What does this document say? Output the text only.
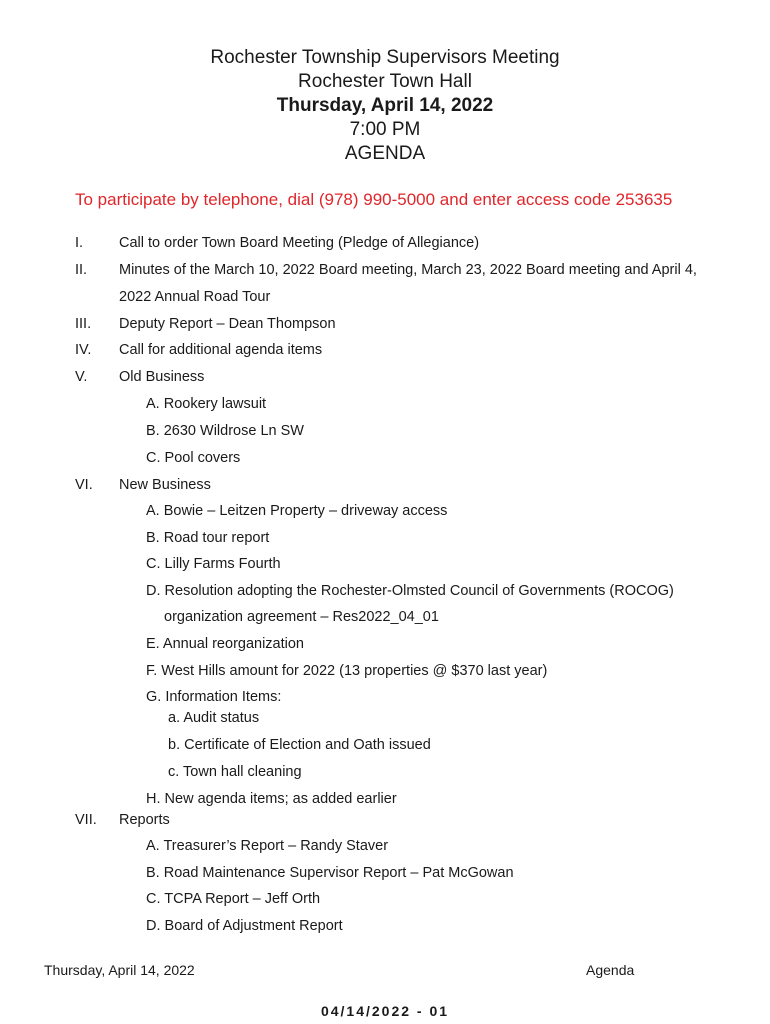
Rochester Township Supervisors Meeting
Rochester Town Hall
Thursday, April 14, 2022
7:00 PM
AGENDA
To participate by telephone, dial (978) 990-5000 and enter access code 253635
I. Call to order Town Board Meeting (Pledge of Allegiance)
II. Minutes of the March 10, 2022 Board meeting, March 23, 2022 Board meeting and April 4,
2022 Annual Road Tour
III. Deputy Report – Dean Thompson
IV. Call for additional agenda items
V. Old Business
A. Rookery lawsuit
B. 2630 Wildrose Ln SW
C. Pool covers
VI. New Business
A. Bowie – Leitzen Property – driveway access
B. Road tour report
C. Lilly Farms Fourth
D. Resolution adopting the Rochester-Olmsted Council of Governments (ROCOG)
organization agreement – Res2022_04_01
E. Annual reorganization
F. West Hills amount for 2022 (13 properties @ $370 last year)
G. Information Items:
a. Audit status
b. Certificate of Election and Oath issued
c. Town hall cleaning
H. New agenda items; as added earlier
VII. Reports
A. Treasurer’s Report – Randy Staver
B. Road Maintenance Supervisor Report – Pat McGowan
C. TCPA Report – Jeff Orth
D. Board of Adjustment Report
Thursday, April 14, 2022	Agenda
04/14/2022 - 01
